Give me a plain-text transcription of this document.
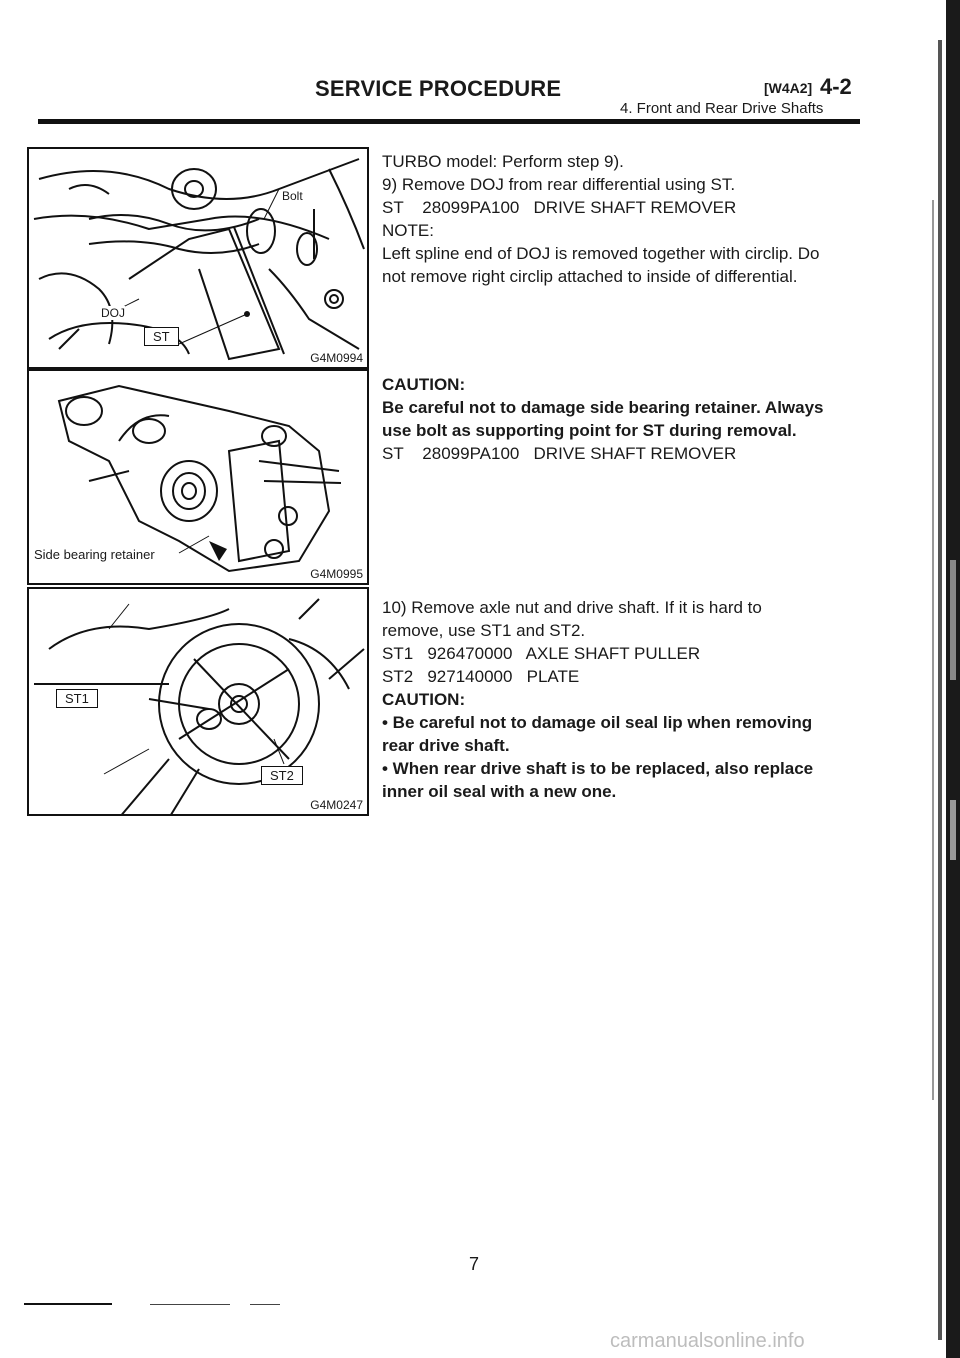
SERVICE PROCEDURE	[W4A2] 4-2
4. Front and Rear Drive Shafts
Bolt
DOJ
ST
G4M0994
Side bearing retainer
G4M0995
ST1
ST2
G4M0247

TURBO model: Perform step 9).

9) Remove DOJ from rear differential using ST.

ST    28099PA100   DRIVE SHAFT REMOVER

NOTE:

Left spline end of DOJ is removed together with circlip. Do

not remove right circlip attached to inside of differential.

CAUTION:

Be careful not to damage side bearing retainer. Always

use bolt as supporting point for ST during removal.

ST    28099PA100   DRIVE SHAFT REMOVER

10) Remove axle nut and drive shaft. If it is hard to

remove, use ST1 and ST2.

ST1   926470000   AXLE SHAFT PULLER

ST2   927140000   PLATE

CAUTION:

• Be careful not to damage oil seal lip when removing

rear drive shaft.

• When rear drive shaft is to be replaced, also replace

inner oil seal with a new one.

7
carmanualsonline.info
